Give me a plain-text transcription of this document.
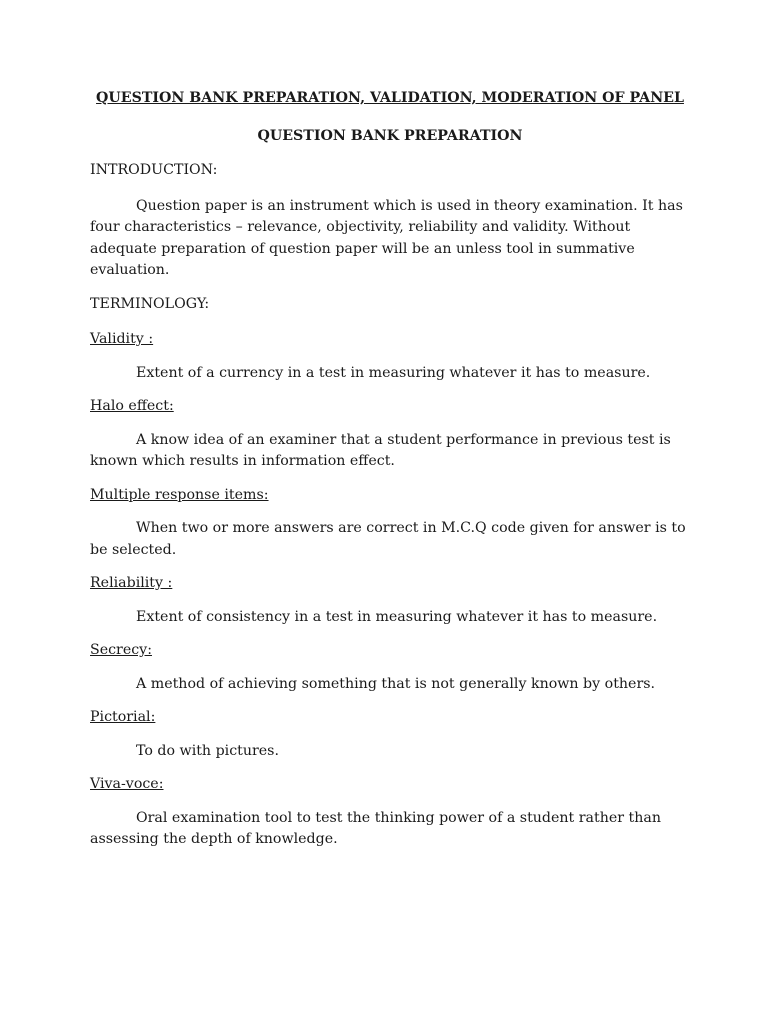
QUESTION BANK PREPARATION, VALIDATION, MODERATION OF PANEL
QUESTION BANK PREPARATION
INTRODUCTION:
Question paper is an instrument which is used in theory examination. It has four characteristics – relevance, objectivity, reliability and validity. Without adequate preparation of question paper will be an unless tool in summative evaluation.
TERMINOLOGY:
Validity :
Extent of a currency in a test in measuring whatever it has to measure.
Halo effect:
A know idea of an examiner that a student performance in previous test is known which results in information effect.
Multiple response items:
When two or more answers are correct in M.C.Q code given for answer is to be selected.
Reliability :
Extent of consistency in a test in measuring whatever it has to measure.
Secrecy:
A method of achieving something that is not generally known by others.
Pictorial:
To do with pictures.
Viva-voce:
Oral examination tool to test the thinking power of a student rather than assessing the depth of knowledge.
